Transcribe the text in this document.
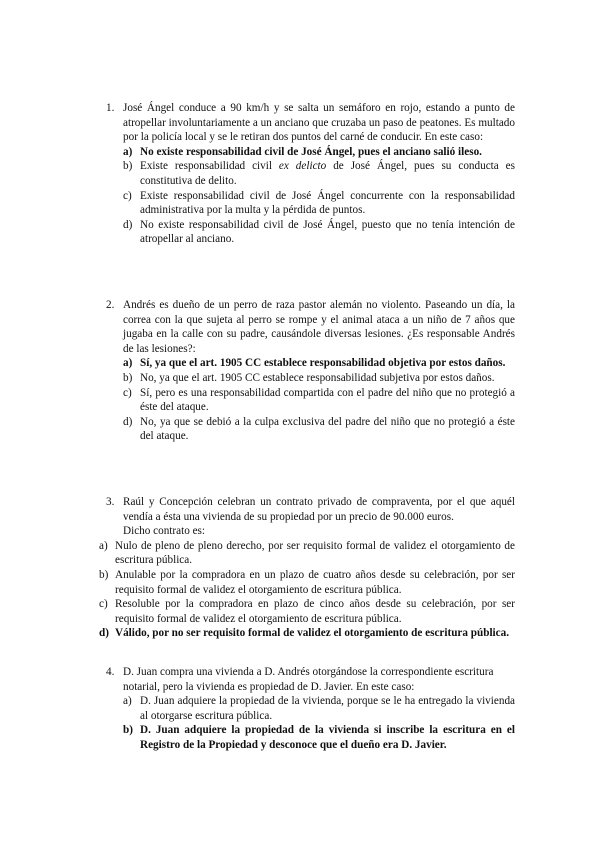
1. José Ángel conduce a 90 km/h y se salta un semáforo en rojo, estando a punto de atropellar involuntariamente a un anciano que cruzaba un paso de peatones. Es multado por la policía local y se le retiran dos puntos del carné de conducir. En este caso:

a) No existe responsabilidad civil de José Ángel, pues el anciano salió ileso.
b) Existe responsabilidad civil ex delicto de José Ángel, pues su conducta es constitutiva de delito.
c) Existe responsabilidad civil de José Ángel concurrente con la responsabilidad administrativa por la multa y la pérdida de puntos.
d) No existe responsabilidad civil de José Ángel, puesto que no tenía intención de atropellar al anciano.
2. Andrés es dueño de un perro de raza pastor alemán no violento. Paseando un día, la correa con la que sujeta al perro se rompe y el animal ataca a un niño de 7 años que jugaba en la calle con su padre, causándole diversas lesiones. ¿Es responsable Andrés de las lesiones?:

a) Sí, ya que el art. 1905 CC establece responsabilidad objetiva por estos daños.
b) No, ya que el art. 1905 CC establece responsabilidad subjetiva por estos daños.
c) Sí, pero es una responsabilidad compartida con el padre del niño que no protegió a éste del ataque.
d) No, ya que se debió a la culpa exclusiva del padre del niño que no protegió a éste del ataque.
3. Raúl y Concepción celebran un contrato privado de compraventa, por el que aquél vendía a ésta una vivienda de su propiedad por un precio de 90.000 euros.

Dicho contrato es:

a) Nulo de pleno de pleno derecho, por ser requisito formal de validez el otorgamiento de escritura pública.
b) Anulable por la compradora en un plazo de cuatro años desde su celebración, por ser requisito formal de validez el otorgamiento de escritura pública.
c) Resoluble por la compradora en plazo de cinco años desde su celebración, por ser requisito formal de validez el otorgamiento de escritura pública.
d) Válido, por no ser requisito formal de validez el otorgamiento de escritura pública.
4. D. Juan compra una vivienda a D. Andrés otorgándose la correspondiente escritura notarial, pero la vivienda es propiedad de D. Javier. En este caso:

a) D. Juan adquiere la propiedad de la vivienda, porque se le ha entregado la vivienda al otorgarse escritura pública.
b) D. Juan adquiere la propiedad de la vivienda si inscribe la escritura en el Registro de la Propiedad y desconoce que el dueño era D. Javier.
